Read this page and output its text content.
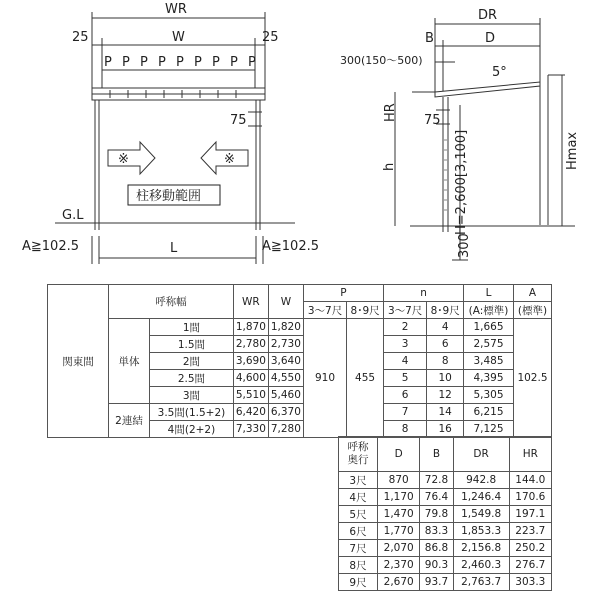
WR
W
25	25
P P P P P P P P P
75
※	※
柱移動範囲
G.L
A≧102.5	A≧102.5
L
DR
B	D
300(150～500)
5°
HR 75
h	H=2,600[3,100]	Hmax
300
関東間	呼称幅		WR	W	P		n		L	A
					3～7尺	8･9尺	3～7尺	8･9尺	(A:標準)	(標準)
	単体	1間	1,870	1,820	910	455	2	4	1,665	102.5
		1.5間	2,780	2,730			3	6	2,575	
		2間	3,690	3,640			4	8	3,485	
		2.5間	4,600	4,550			5	10	4,395	
		3間	5,510	5,460			6	12	5,305	
	2連結	3.5間(1.5+2)	6,420	6,370			7	14	6,215	
		4間(2+2)	7,330	7,280			8	16	7,125	
呼称
奥行	D	B	DR	HR
3尺	870	72.8	942.8	144.0
4尺	1,170	76.4	1,246.4	170.6
5尺	1,470	79.8	1,549.8	197.1
6尺	1,770	83.3	1,853.3	223.7
7尺	2,070	86.8	2,156.8	250.2
8尺	2,370	90.3	2,460.3	276.7
9尺	2,670	93.7	2,763.7	303.3
